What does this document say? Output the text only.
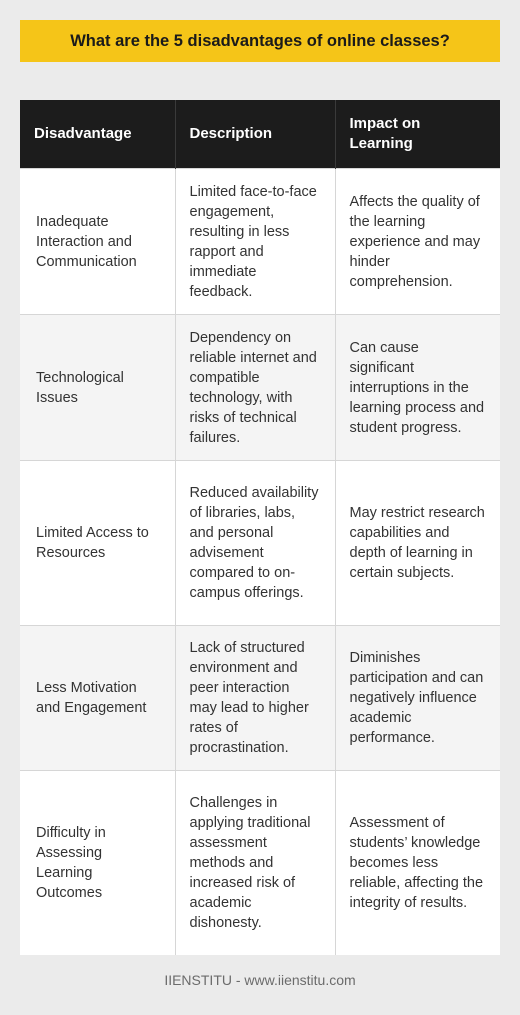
What are the 5 disadvantages of online classes?
Disadvantage	Description	Impact on Learning
Inadequate Interaction and Communication	Limited face-to-face engagement, resulting in less rapport and immediate feedback.	Affects the quality of the learning experience and may hinder comprehension.
Technological Issues	Dependency on reliable internet and compatible technology, with risks of technical failures.	Can cause significant interruptions in the learning process and student progress.
Limited Access to Resources	Reduced availability of libraries, labs, and personal advisement compared to on-campus offerings.	May restrict research capabilities and depth of learning in certain subjects.
Less Motivation and Engagement	Lack of structured environment and peer interaction may lead to higher rates of procrastination.	Diminishes participation and can negatively influence academic performance.
Difficulty in Assessing Learning Outcomes	Challenges in applying traditional assessment methods and increased risk of academic dishonesty.	Assessment of students’ knowledge becomes less reliable, affecting the integrity of results.
IIENSTITU - www.iienstitu.com
